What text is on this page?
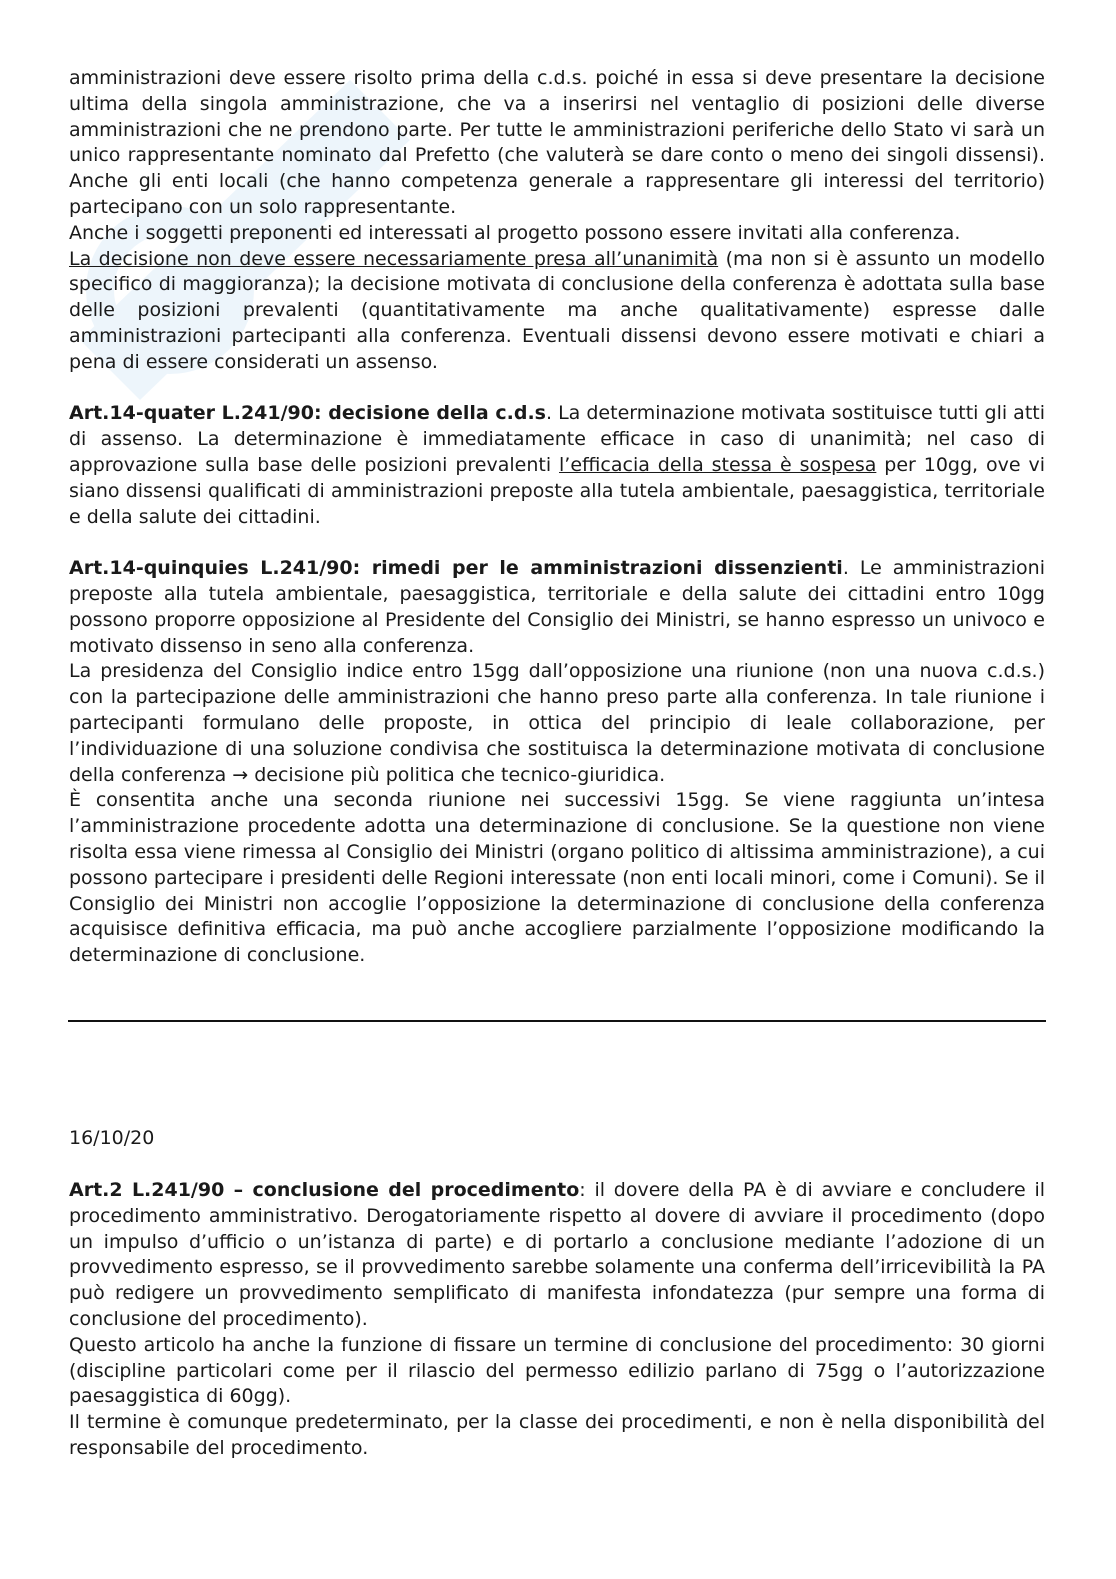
amministrazioni deve essere risolto prima della c.d.s. poiché in essa si deve presentare la decisione ultima della singola amministrazione, che va a inserirsi nel ventaglio di posizioni delle diverse amministrazioni che ne prendono parte. Per tutte le amministrazioni periferiche dello Stato vi sarà un unico rappresentante nominato dal Prefetto (che valuterà se dare conto o meno dei singoli dissensi). Anche gli enti locali (che hanno competenza generale a rappresentare gli interessi del territorio) partecipano con un solo rappresentante.

Anche i soggetti preponenti ed interessati al progetto possono essere invitati alla conferenza.

La decisione non deve essere necessariamente presa all’unanimità (ma non si è assunto un modello specifico di maggioranza); la decisione motivata di conclusione della conferenza è adottata sulla base delle posizioni prevalenti (quantitativamente ma anche qualitativamente) espresse dalle amministrazioni partecipanti alla conferenza. Eventuali dissensi devono essere motivati e chiari a pena di essere considerati un assenso.

Art.14-quater L.241/90: decisione della c.d.s. La determinazione motivata sostituisce tutti gli atti di assenso. La determinazione è immediatamente efficace in caso di unanimità; nel caso di approvazione sulla base delle posizioni prevalenti l’efficacia della stessa è sospesa per 10gg, ove vi siano dissensi qualificati di amministrazioni preposte alla tutela ambientale, paesaggistica, territoriale e della salute dei cittadini.

Art.14-quinquies L.241/90: rimedi per le amministrazioni dissenzienti. Le amministrazioni preposte alla tutela ambientale, paesaggistica, territoriale e della salute dei cittadini entro 10gg possono proporre opposizione al Presidente del Consiglio dei Ministri, se hanno espresso un univoco e motivato dissenso in seno alla conferenza.

La presidenza del Consiglio indice entro 15gg dall’opposizione una riunione (non una nuova c.d.s.) con la partecipazione delle amministrazioni che hanno preso parte alla conferenza. In tale riunione i partecipanti formulano delle proposte, in ottica del principio di leale collaborazione, per l’individuazione di una soluzione condivisa che sostituisca la determinazione motivata di conclusione della conferenza → decisione più politica che tecnico-giuridica.

È consentita anche una seconda riunione nei successivi 15gg. Se viene raggiunta un’intesa l’amministrazione procedente adotta una determinazione di conclusione. Se la questione non viene risolta essa viene rimessa al Consiglio dei Ministri (organo politico di altissima amministrazione), a cui possono partecipare i presidenti delle Regioni interessate (non enti locali minori, come i Comuni). Se il Consiglio dei Ministri non accoglie l’opposizione la determinazione di conclusione della conferenza acquisisce definitiva efficacia, ma può anche accogliere parzialmente l’opposizione modificando la determinazione di conclusione.

16/10/20

Art.2 L.241/90 – conclusione del procedimento: il dovere della PA è di avviare e concludere il procedimento amministrativo. Derogatoriamente rispetto al dovere di avviare il procedimento (dopo un impulso d’ufficio o un’istanza di parte) e di portarlo a conclusione mediante l’adozione di un provvedimento espresso, se il provvedimento sarebbe solamente una conferma dell’irricevibilità la PA può redigere un provvedimento semplificato di manifesta infondatezza (pur sempre una forma di conclusione del procedimento).

Questo articolo ha anche la funzione di fissare un termine di conclusione del procedimento: 30 giorni (discipline particolari come per il rilascio del permesso edilizio parlano di 75gg o l’autorizzazione paesaggistica di 60gg).

Il termine è comunque predeterminato, per la classe dei procedimenti, e non è nella disponibilità del responsabile del procedimento.
